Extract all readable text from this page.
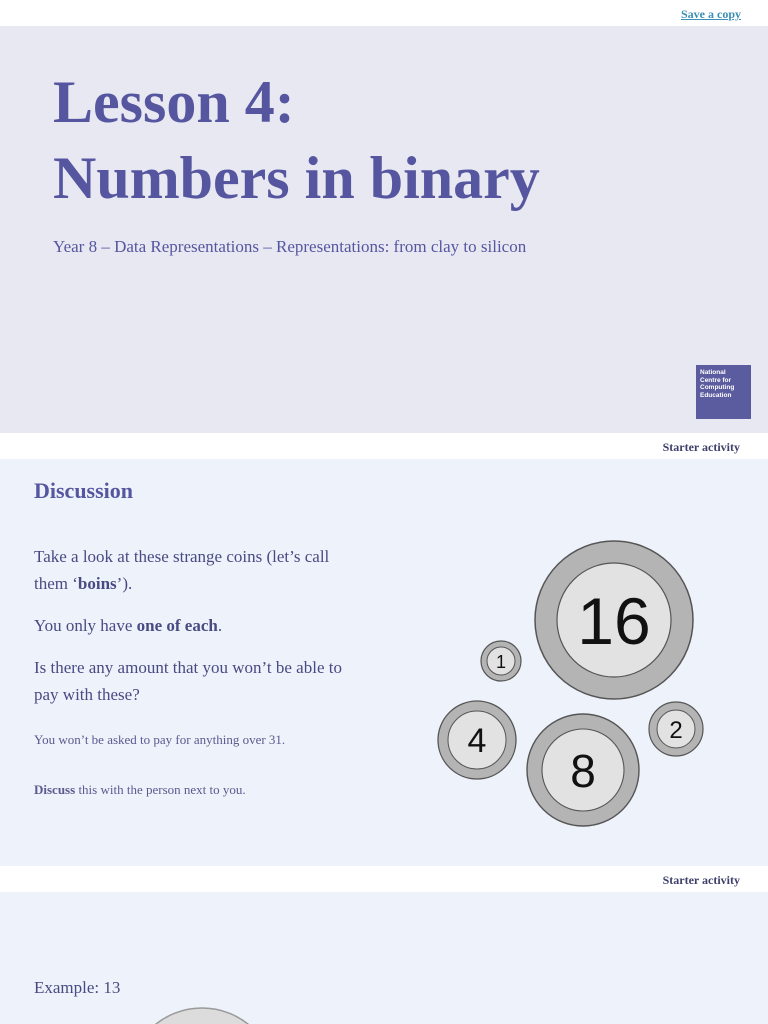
Save a copy
Lesson 4:
Numbers in binary
Year 8 – Data Representations – Representations: from clay to silicon
National
Centre for
Computing
Education
Starter activity
Discussion
Take a look at these strange coins (let’s call them ‘boins’).
You only have one of each.
Is there any amount that you won’t be able to pay with these?
You won’t be asked to pay for anything over 31.
Discuss this with the person next to you.
16
1
2
4
8
Starter activity
Example: 13
